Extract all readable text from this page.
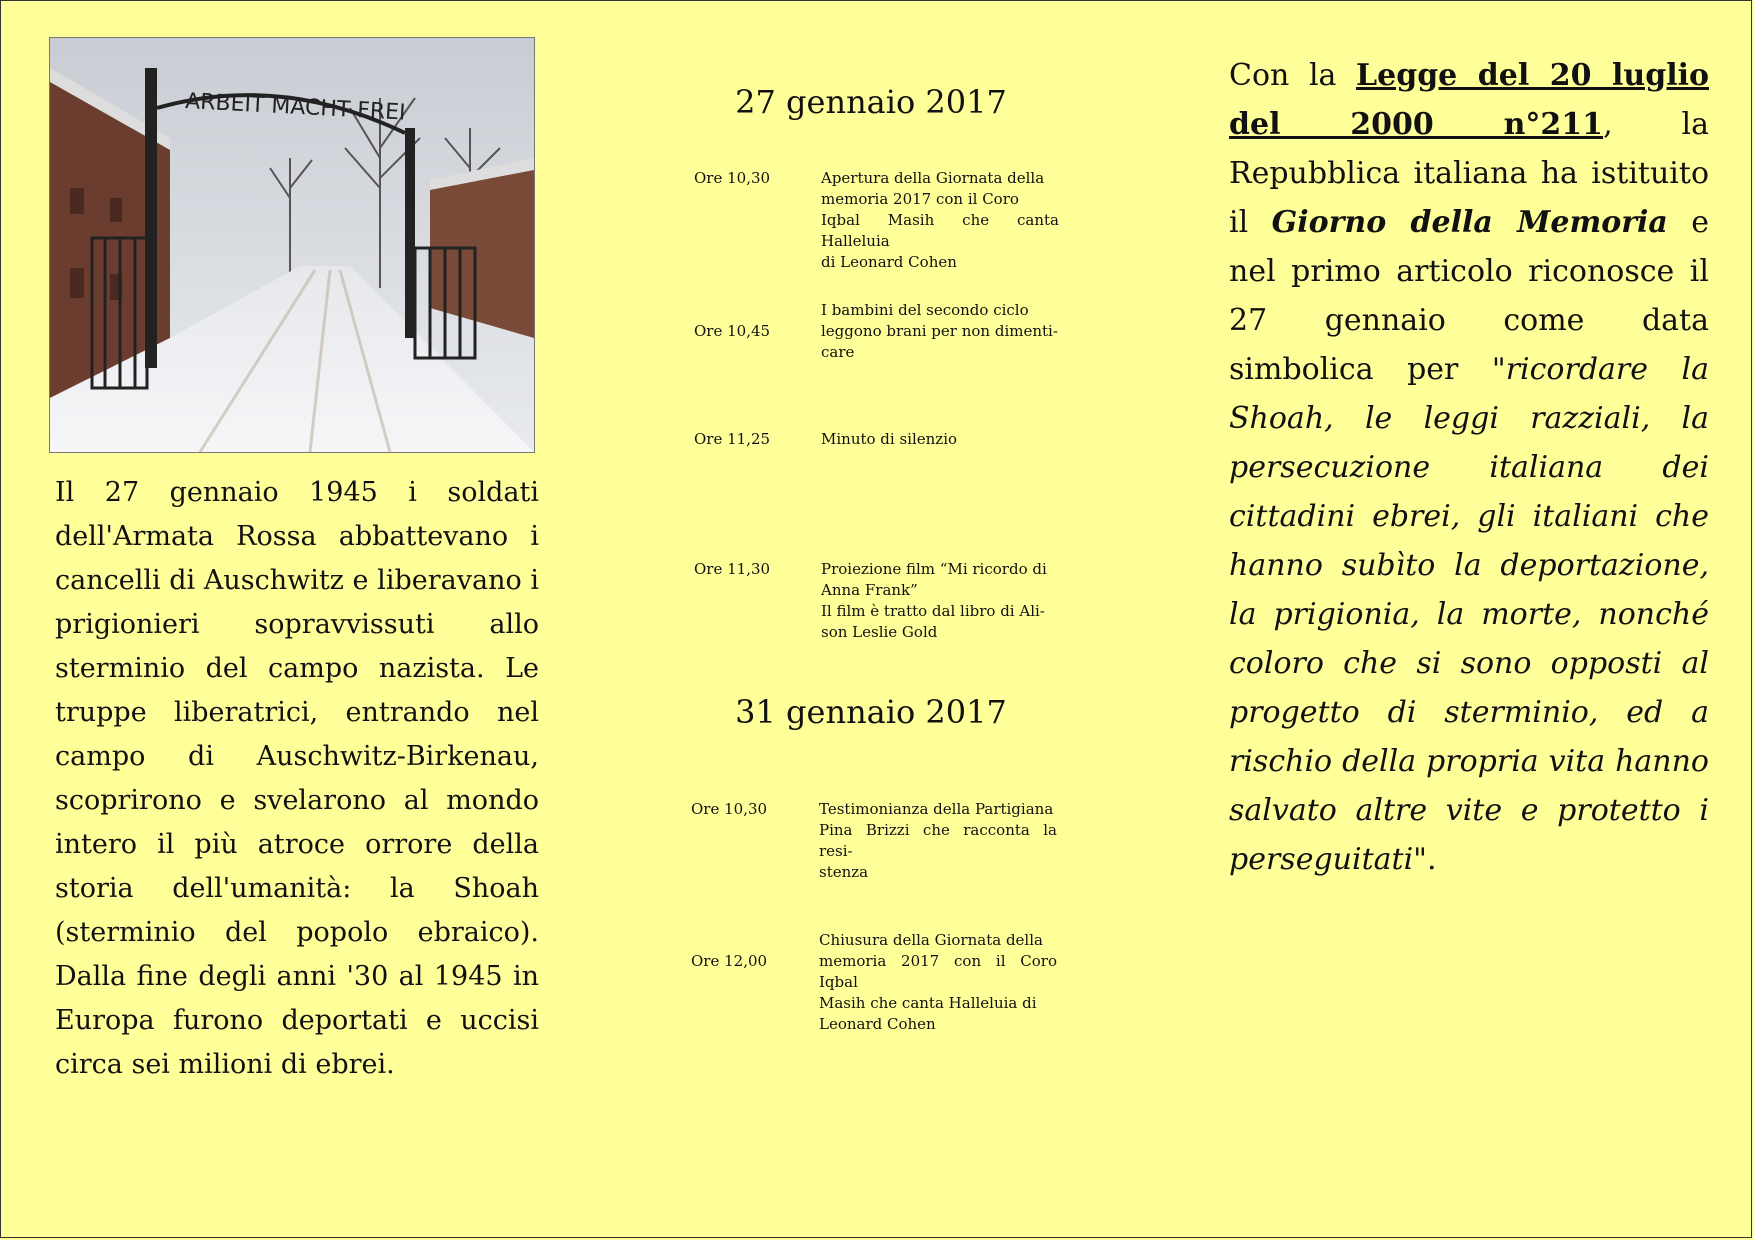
ARBEIT MACHT FREI
Il 27 gennaio 1945 i soldati dell'Armata Rossa abbattevano i cancelli di Auschwitz e liberavano i prigionieri sopravvissuti allo sterminio del campo nazista. Le truppe liberatrici, entrando nel campo di Auschwitz-Birkenau, scoprirono e svelarono al mondo intero il più atroce orrore della storia dell'umanità: la Shoah (sterminio del popolo ebraico). Dalla fine degli anni '30 al 1945 in Europa furono deportati e uccisi circa sei milioni di ebrei.
27 gennaio 2017
Ore 10,30	Apertura della Giornata della
memoria 2017 con il Coro
Iqbal Masih che canta Halleluia
di Leonard Cohen
Ore 10,45
I bambini del secondo ciclo
leggono brani per non dimenti-
care
Ore 11,25	Minuto di silenzio
Ore 11,30	Proiezione film “Mi ricordo di
Anna Frank”
Il film è tratto dal libro di Ali-
son Leslie Gold
31 gennaio 2017
Ore 10,30	Testimonianza della Partigiana
Pina Brizzi che racconta la resi-
stenza
Ore 12,00
Chiusura della Giornata della
memoria 2017 con il Coro Iqbal
Masih che canta Halleluia di
Leonard Cohen
Con la Legge del 20 luglio del 2000 n°211, la Repubblica italiana ha istituito il Giorno della Memoria e nel primo articolo riconosce il 27 gennaio come data simbolica per "ricordare la Shoah, le leggi razziali, la persecuzione italiana dei cittadini ebrei, gli italiani che hanno subìto la deportazione, la prigionia, la morte, nonché coloro che si sono opposti al progetto di sterminio, ed a rischio della propria vita hanno salvato altre vite e protetto i perseguitati".
